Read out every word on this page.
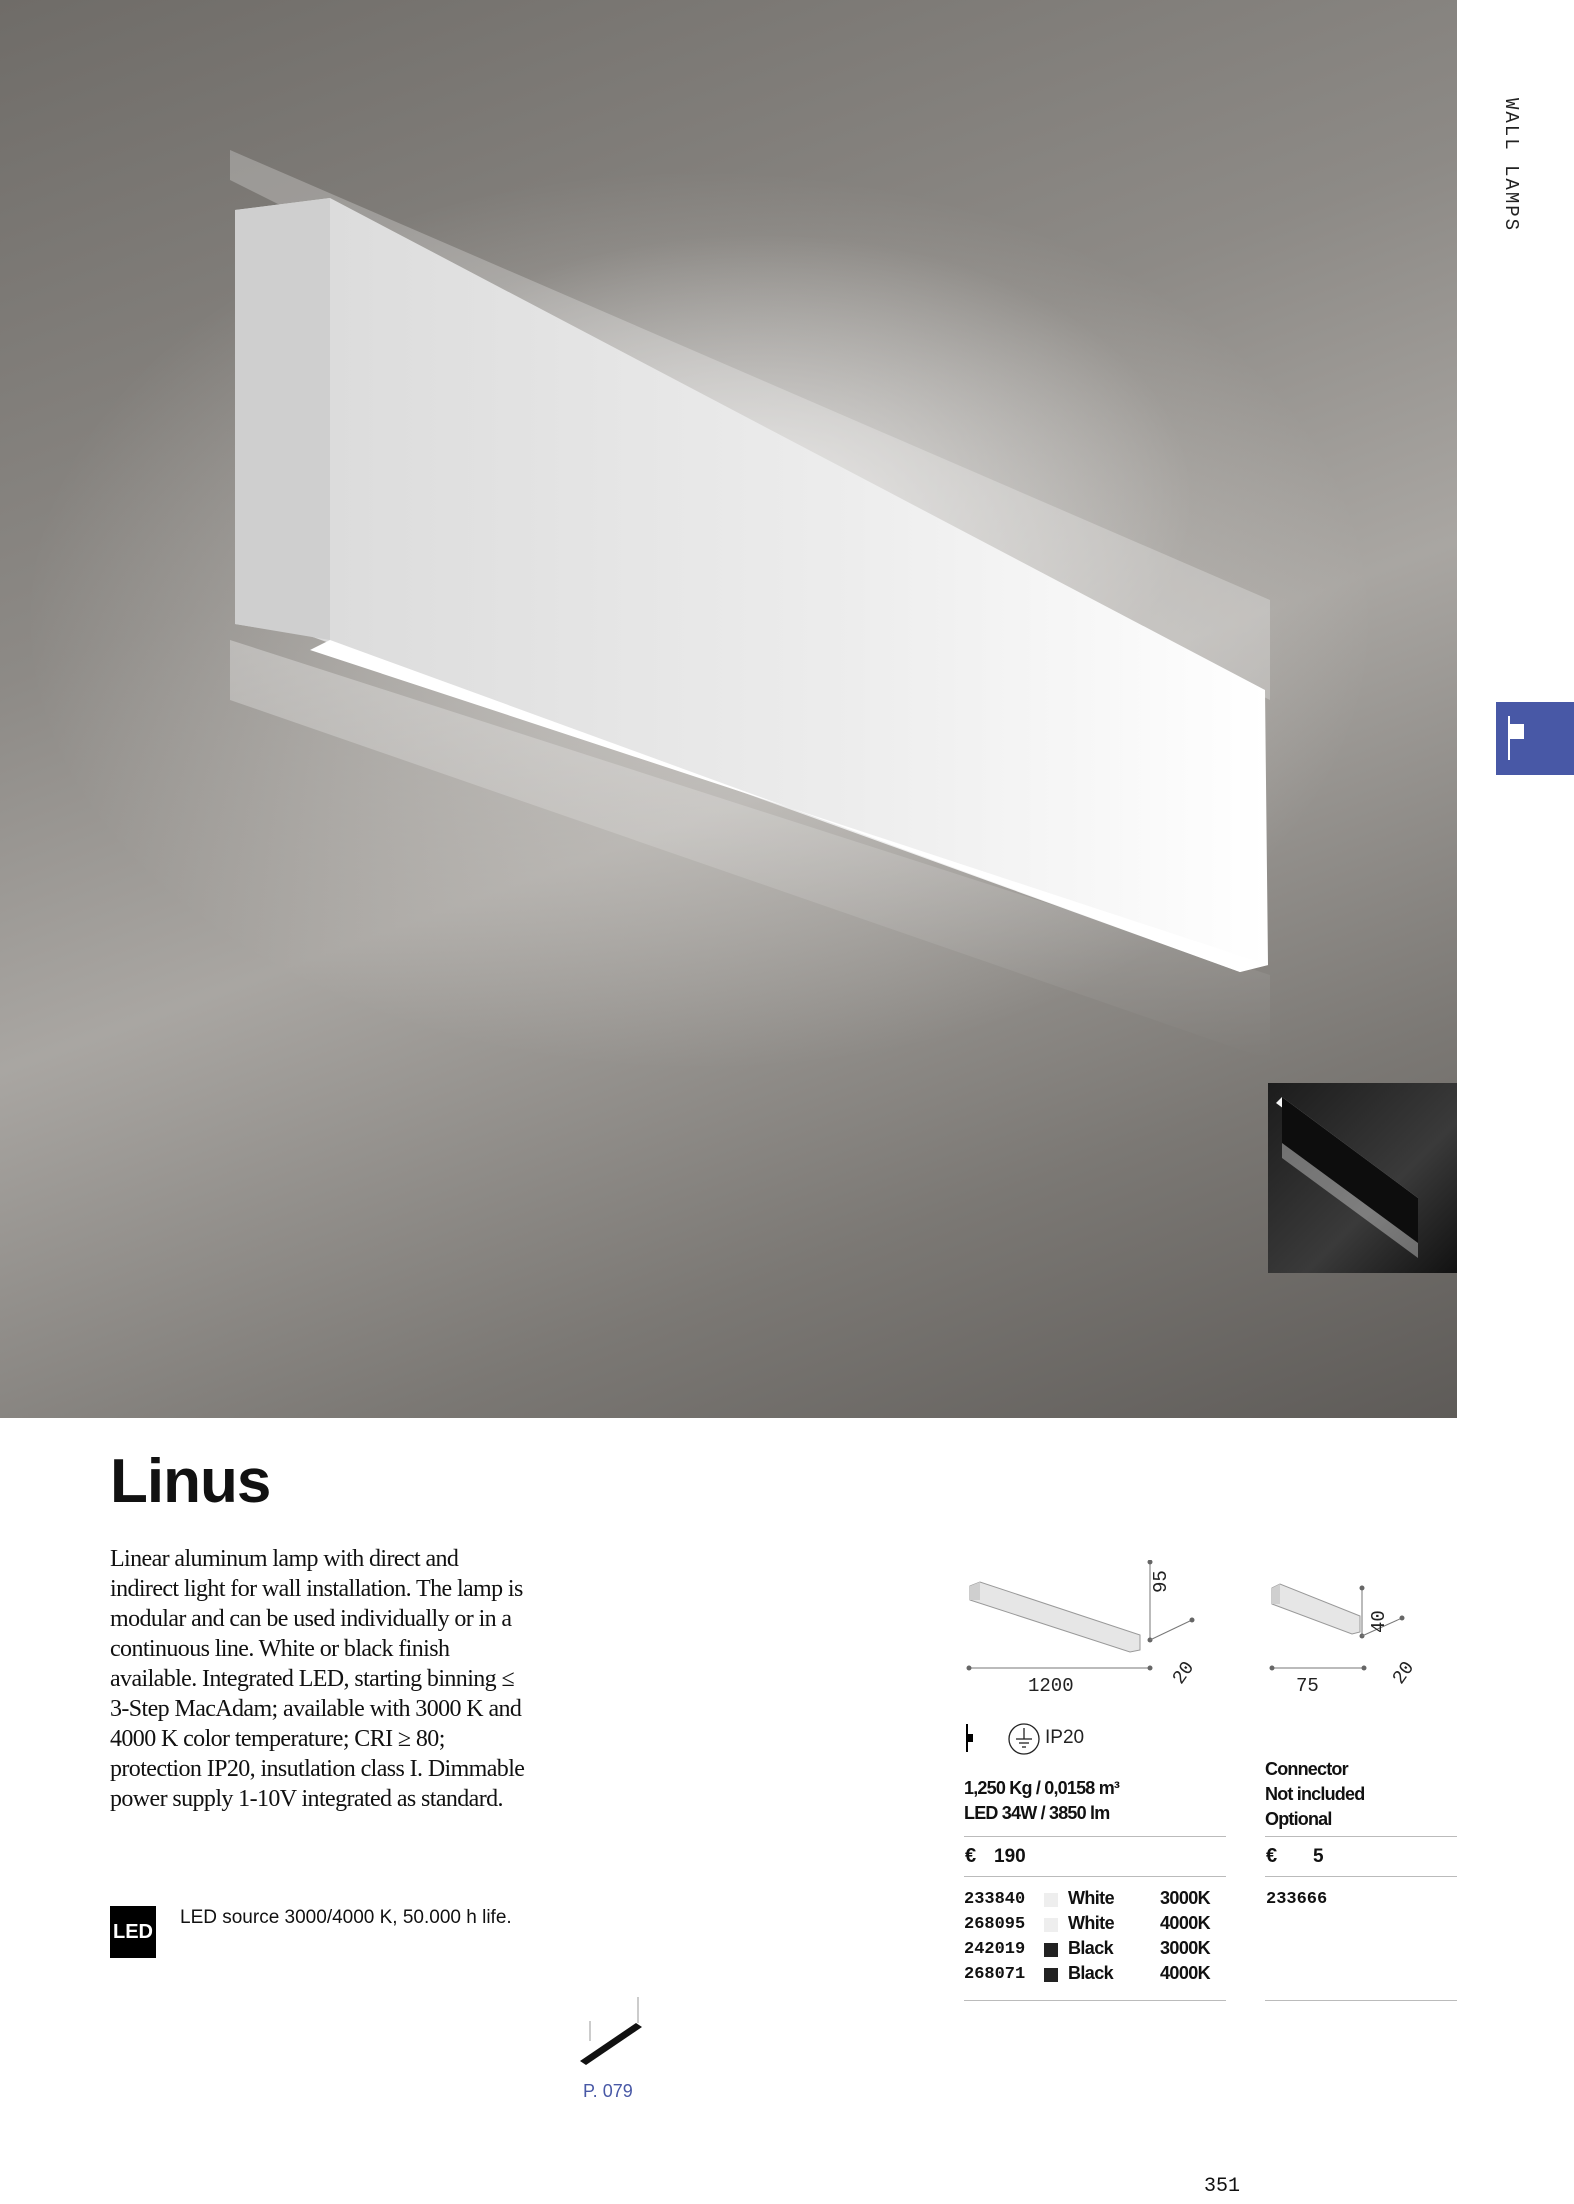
WALL LAMPS
Linus
Linear aluminum lamp with direct and indirect light for wall installation. The lamp is modular and can be used individually or in a continuous line. White or black finish available. Integrated LED, starting binning ≤ 3-Step MacAdam; available with 3000 K and 4000 K color temperature; CRI ≥ 80; protection IP20, insutlation class I. Dimmable power supply 1-10V integrated as standard.
LED
LED source 3000/4000 K, 50.000 h life.
95
20
1200
IP20
1,250 Kg / 0,0158 m³
LED 34W / 3850 lm
€ 190
233840 White	3000K
268095 White	4000K
242019 Black	3000K
268071 Black	4000K
40
20
75
Connector
Not included
Optional
€ 5
233666
P. 079
351
